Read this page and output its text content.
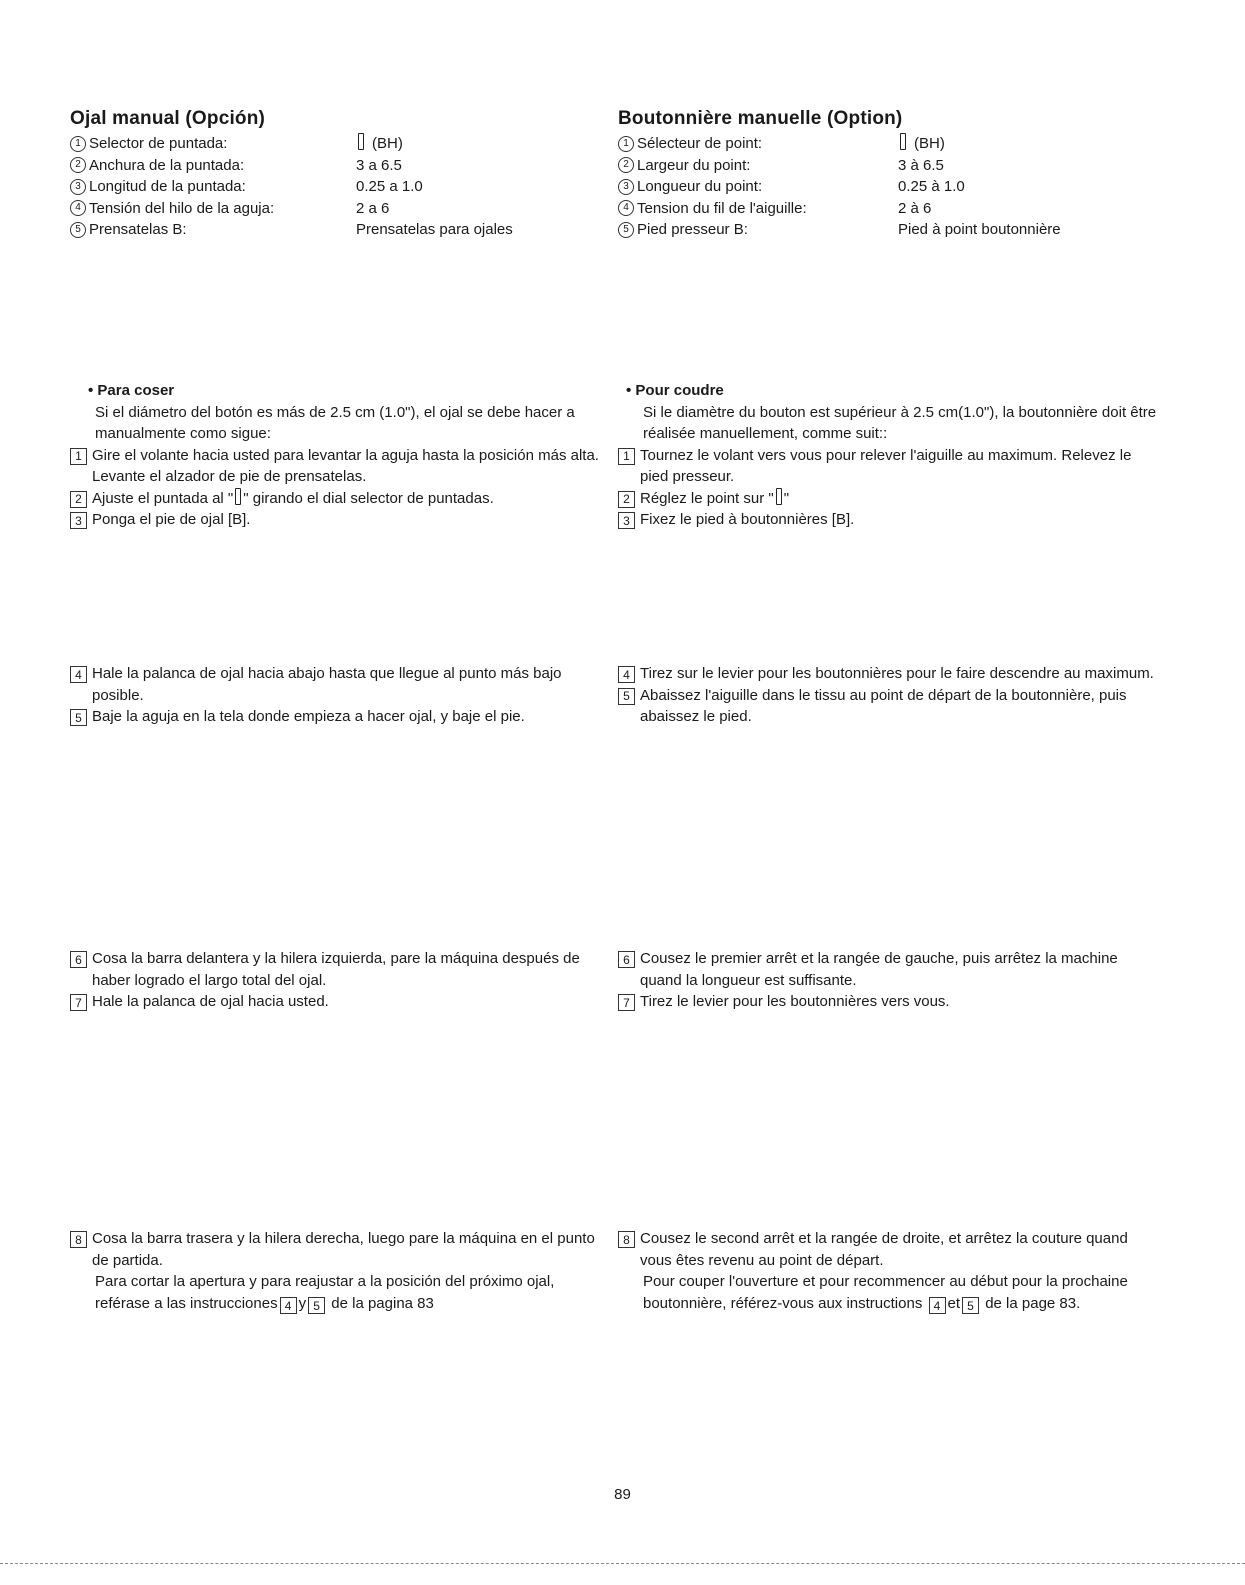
Ojal manual (Opción)
1 Selector de puntada:	(BH)
2 Anchura de la puntada:	3 a 6.5
3 Longitud de la puntada:	0.25 a 1.0
4 Tensión del hilo de la aguja:	2 a 6
5 Prensatelas B:	Prensatelas para ojales
• Para coser
Si el diámetro del botón es más de 2.5 cm (1.0"), el ojal se debe hacer a manualmente como sigue:
1 Gire el volante hacia usted para levantar la aguja hasta la posición más alta. Levante el alzador de pie de prensatelas.
2 Ajuste el puntada al " " girando el dial selector de puntadas.
3 Ponga el pie de ojal [B].
4 Hale la palanca de ojal hacia abajo hasta que llegue al punto más bajo posible.
5 Baje la aguja en la tela donde empieza a hacer ojal, y baje el pie.
6 Cosa la barra delantera y la hilera izquierda, pare la máquina después de haber logrado el largo total del ojal.
7 Hale la palanca de ojal hacia usted.
8 Cosa la barra trasera y la hilera derecha, luego pare la máquina en el punto de partida.
Para cortar la apertura y para reajustar a la posición del próximo ojal, reférase a las instrucciones 4 y 5 de la pagina 83
Boutonnière manuelle (Option)
1 Sélecteur de point:	(BH)
2 Largeur du point:	3 à 6.5
3 Longueur du point:	0.25 à 1.0
4 Tension du fil de l'aiguille:	2 à 6
5 Pied presseur B:	Pied à point boutonnière
• Pour coudre
Si le diamètre du bouton est supérieur à 2.5 cm(1.0"), la boutonnière doit être réalisée manuellement, comme suit::
1 Tournez le volant vers vous pour relever l'aiguille au maximum. Relevez le pied presseur.
2 Réglez le point sur " "
3 Fixez le pied à boutonnières [B].
4 Tirez sur le levier pour les boutonnières pour le faire descendre au maximum.
5 Abaissez l'aiguille dans le tissu au point de départ de la boutonnière, puis abaissez le pied.
6 Cousez le premier arrêt et la rangée de gauche, puis arrêtez la machine quand la longueur est suffisante.
7 Tirez le levier pour les boutonnières vers vous.
8 Cousez le second arrêt et la rangée de droite, et arrêtez la couture quand vous êtes revenu au point de départ.
Pour couper l'ouverture et pour recommencer au début pour la prochaine boutonnière, référez-vous aux instructions 4 et 5 de la page 83.
89
